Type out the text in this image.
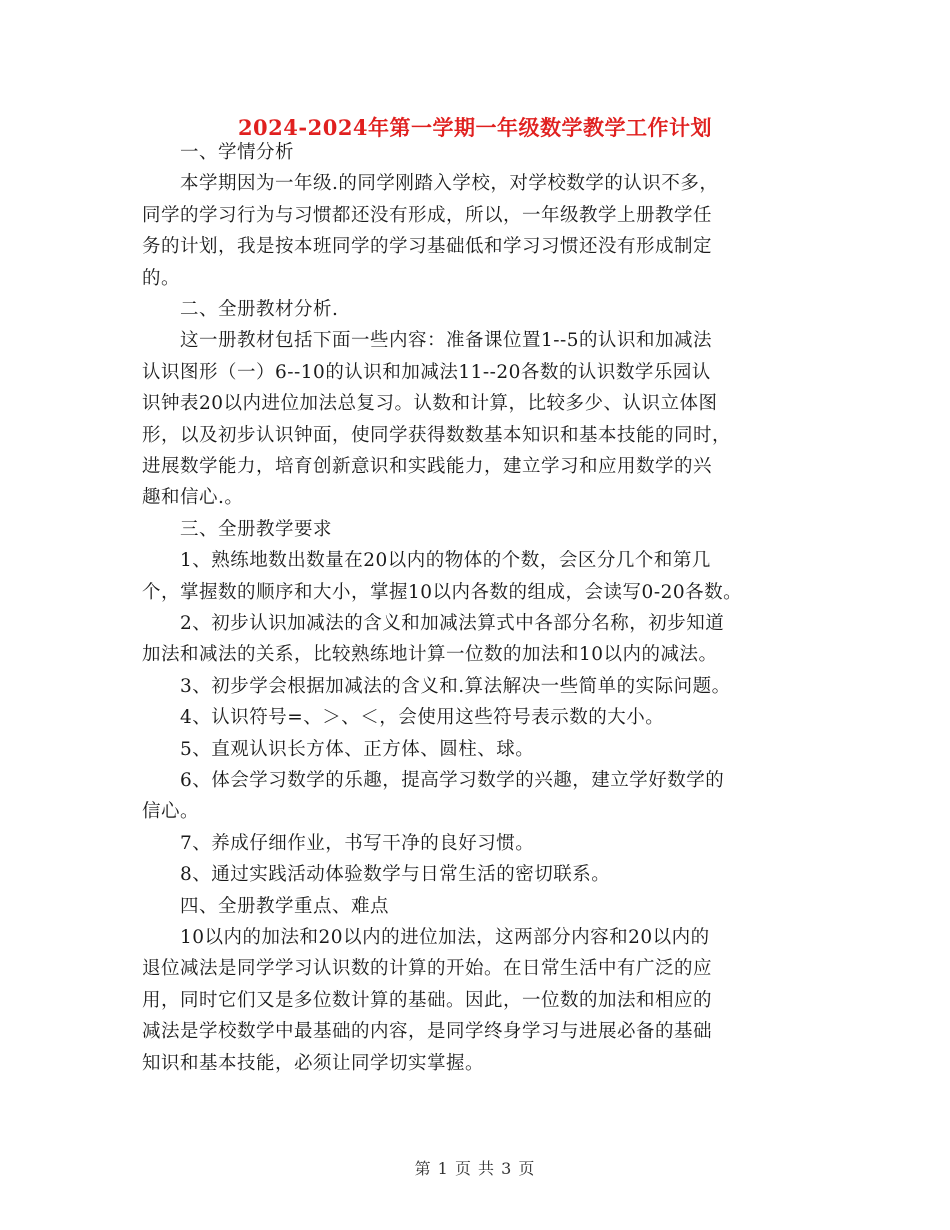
2024-2024年第一学期一年级数学教学工作计划
　　一、学情分析
　　本学期因为一年级.的同学刚踏入学校，对学校数学的认识不多，
同学的学习行为与习惯都还没有形成，所以，一年级教学上册教学任
务的计划，我是按本班同学的学习基础低和学习习惯还没有形成制定
的。
　　二、全册教材分析.
　　这一册教材包括下面一些内容：准备课位置1--5的认识和加减法
认识图形（一）6--10的认识和加减法11--20各数的认识数学乐园认
识钟表20以内进位加法总复习。认数和计算，比较多少、认识立体图
形，以及初步认识钟面，使同学获得数数基本知识和基本技能的同时，
进展数学能力，培育创新意识和实践能力，建立学习和应用数学的兴
趣和信心.。
　　三、全册教学要求
　　1、熟练地数出数量在20以内的物体的个数，会区分几个和第几
个，掌握数的顺序和大小，掌握10以内各数的组成，会读写0-20各数。
　　2、初步认识加减法的含义和加减法算式中各部分名称，初步知道
加法和减法的关系，比较熟练地计算一位数的加法和10以内的减法。
　　3、初步学会根据加减法的含义和.算法解决一些简单的实际问题。
　　4、认识符号=、＞、＜，会使用这些符号表示数的大小。
　　5、直观认识长方体、正方体、圆柱、球。
　　6、体会学习数学的乐趣，提高学习数学的兴趣，建立学好数学的
信心。
　　7、养成仔细作业，书写干净的良好习惯。
　　8、通过实践活动体验数学与日常生活的密切联系。
　　四、全册教学重点、难点
　　10以内的加法和20以内的进位加法，这两部分内容和20以内的
退位减法是同学学习认识数的计算的开始。在日常生活中有广泛的应
用，同时它们又是多位数计算的基础。因此，一位数的加法和相应的
减法是学校数学中最基础的内容，是同学终身学习与进展必备的基础
知识和基本技能，必须让同学切实掌握。
第 1 页 共 3 页
